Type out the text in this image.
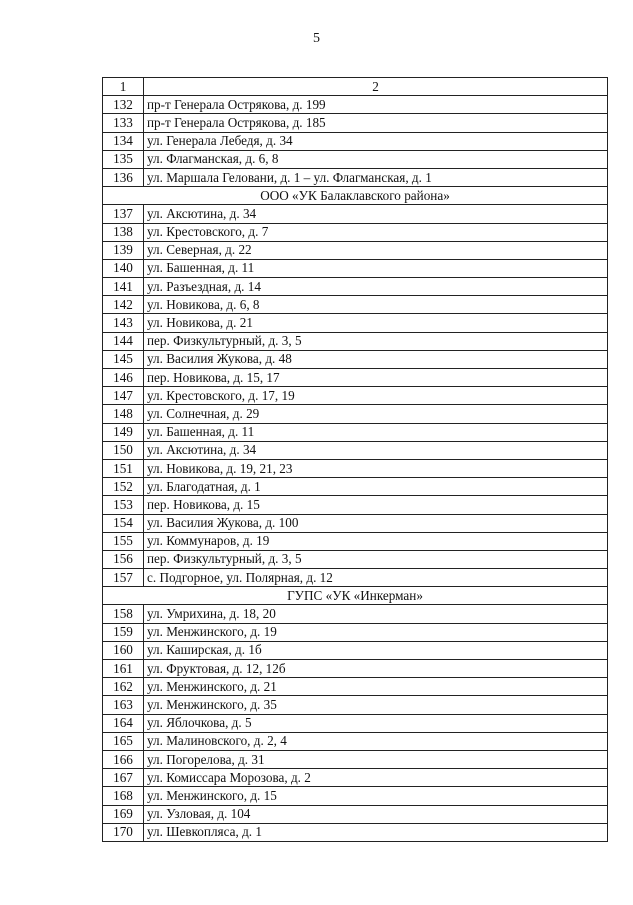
5
1	2
132	пр-т Генерала Острякова, д. 199
133	пр-т Генерала Острякова, д. 185
134	ул. Генерала Лебедя, д. 34
135	ул. Флагманская, д. 6, 8
136	ул. Маршала Геловани, д. 1 – ул. Флагманская, д. 1
ООО «УК Балаклавского района»	
137	ул. Аксютина, д. 34
138	ул. Крестовского, д. 7
139	ул. Северная, д. 22
140	ул. Башенная, д. 11
141	ул. Разъездная, д. 14
142	ул. Новикова, д. 6, 8
143	ул. Новикова, д. 21
144	пер. Физкультурный, д. 3, 5
145	ул. Василия Жукова, д. 48
146	пер. Новикова, д. 15, 17
147	ул. Крестовского, д. 17, 19
148	ул. Солнечная, д. 29
149	ул. Башенная, д. 11
150	ул. Аксютина, д. 34
151	ул. Новикова, д. 19, 21, 23
152	ул. Благодатная, д. 1
153	пер. Новикова, д. 15
154	ул. Василия Жукова, д. 100
155	ул. Коммунаров, д. 19
156	пер. Физкультурный, д. 3, 5
157	с. Подгорное, ул. Полярная, д. 12
ГУПС «УК «Инкерман»	
158	ул. Умрихина, д. 18, 20
159	ул. Менжинского, д. 19
160	ул. Каширская, д. 1б
161	ул. Фруктовая, д. 12, 12б
162	ул. Менжинского, д. 21
163	ул. Менжинского, д. 35
164	ул. Яблочкова, д. 5
165	ул. Малиновского, д. 2, 4
166	ул. Погорелова, д. 31
167	ул. Комиссара Морозова, д. 2
168	ул. Менжинского, д. 15
169	ул. Узловая, д. 104
170	ул. Шевкопляса, д. 1
